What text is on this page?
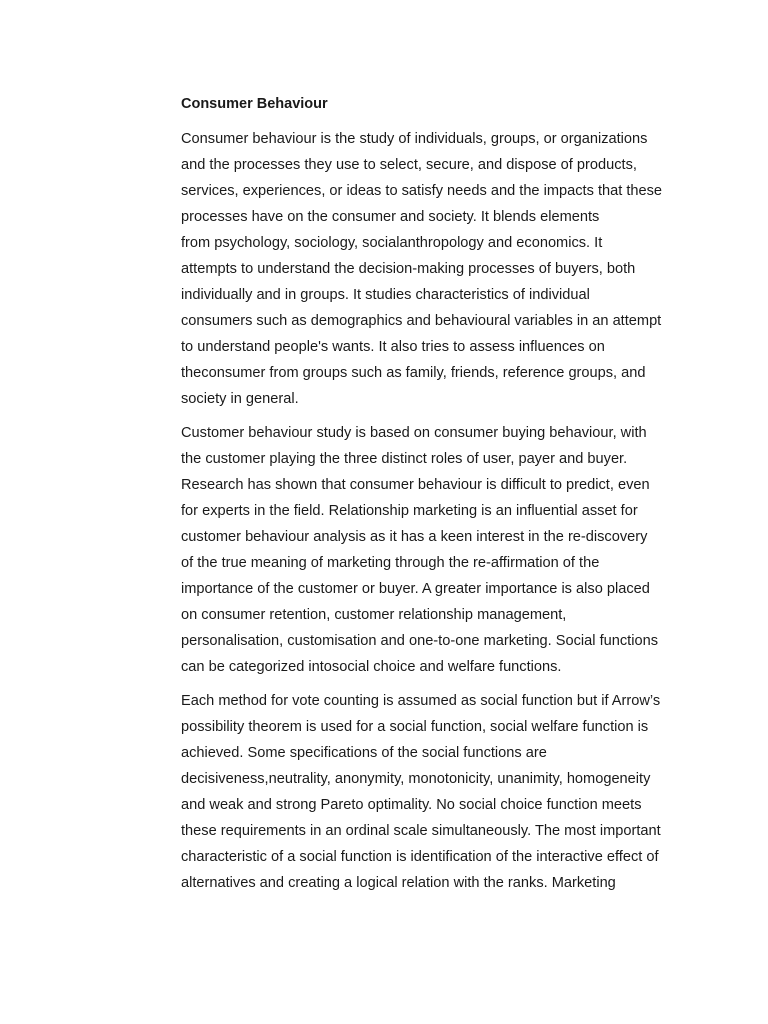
Consumer Behaviour
Consumer behaviour is the study of individuals, groups, or organizations
and the processes they use to select, secure, and dispose of products,
services, experiences, or ideas to satisfy needs and the impacts that these
processes have on the consumer and society. It blends elements
from psychology, sociology, socialanthropology and economics. It
attempts to understand the decision-making processes of buyers, both
individually and in groups. It studies characteristics of individual
consumers such as demographics and behavioural variables in an attempt
to understand people's wants. It also tries to assess influences on
theconsumer from groups such as family, friends, reference groups, and
society in general.
Customer behaviour study is based on consumer buying behaviour, with
the customer playing the three distinct roles of user, payer and buyer.
Research has shown that consumer behaviour is difficult to predict, even
for experts in the field. Relationship marketing is an influential asset for
customer behaviour analysis as it has a keen interest in the re-discovery
of the true meaning of marketing through the re-affirmation of the
importance of the customer or buyer. A greater importance is also placed
on consumer retention, customer relationship management,
personalisation, customisation and one-to-one marketing. Social functions
can be categorized intosocial choice and welfare functions.
Each method for vote counting is assumed as social function but if Arrow’s
possibility theorem is used for a social function, social welfare function is
achieved. Some specifications of the social functions are
decisiveness,neutrality, anonymity, monotonicity, unanimity, homogeneity
and weak and strong Pareto optimality. No social choice function meets
these requirements in an ordinal scale simultaneously. The most important
characteristic of a social function is identification of the interactive effect of
alternatives and creating a logical relation with the ranks. Marketing
